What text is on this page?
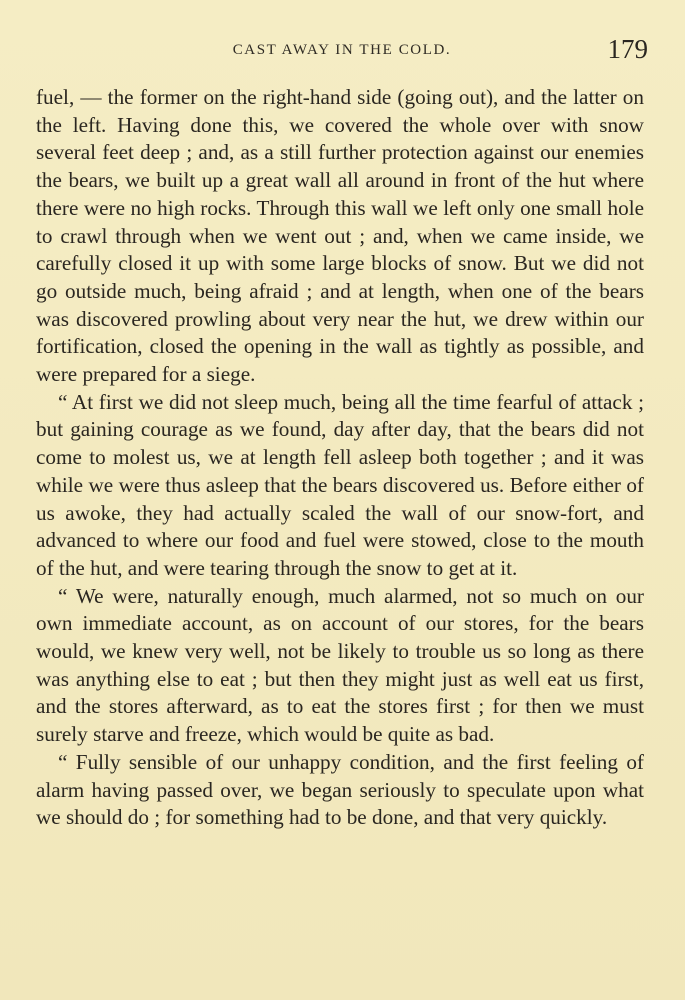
CAST AWAY IN THE COLD.	179

fuel, — the former on the right-hand side (going out), and the latter on the left. Having done this, we covered the whole over with snow several feet deep ; and, as a still further protection against our enemies the bears, we built up a great wall all around in front of the hut where there were no high rocks. Through this wall we left only one small hole to crawl through when we went out ; and, when we came inside, we carefully closed it up with some large blocks of snow. But we did not go outside much, being afraid ; and at length, when one of the bears was discovered prowling about very near the hut, we drew within our fortification, closed the opening in the wall as tightly as possible, and were prepared for a siege.

“ At first we did not sleep much, being all the time fearful of attack ; but gaining courage as we found, day after day, that the bears did not come to molest us, we at length fell asleep both together ; and it was while we were thus asleep that the bears discovered us. Before either of us awoke, they had actually scaled the wall of our snow-fort, and advanced to where our food and fuel were stowed, close to the mouth of the hut, and were tearing through the snow to get at it.

“ We were, naturally enough, much alarmed, not so much on our own immediate account, as on account of our stores, for the bears would, we knew very well, not be likely to trouble us so long as there was anything else to eat ; but then they might just as well eat us first, and the stores afterward, as to eat the stores first ; for then we must surely starve and freeze, which would be quite as bad.

“ Fully sensible of our unhappy condition, and the first feeling of alarm having passed over, we began seriously to speculate upon what we should do ; for something had to be done, and that very quickly.
